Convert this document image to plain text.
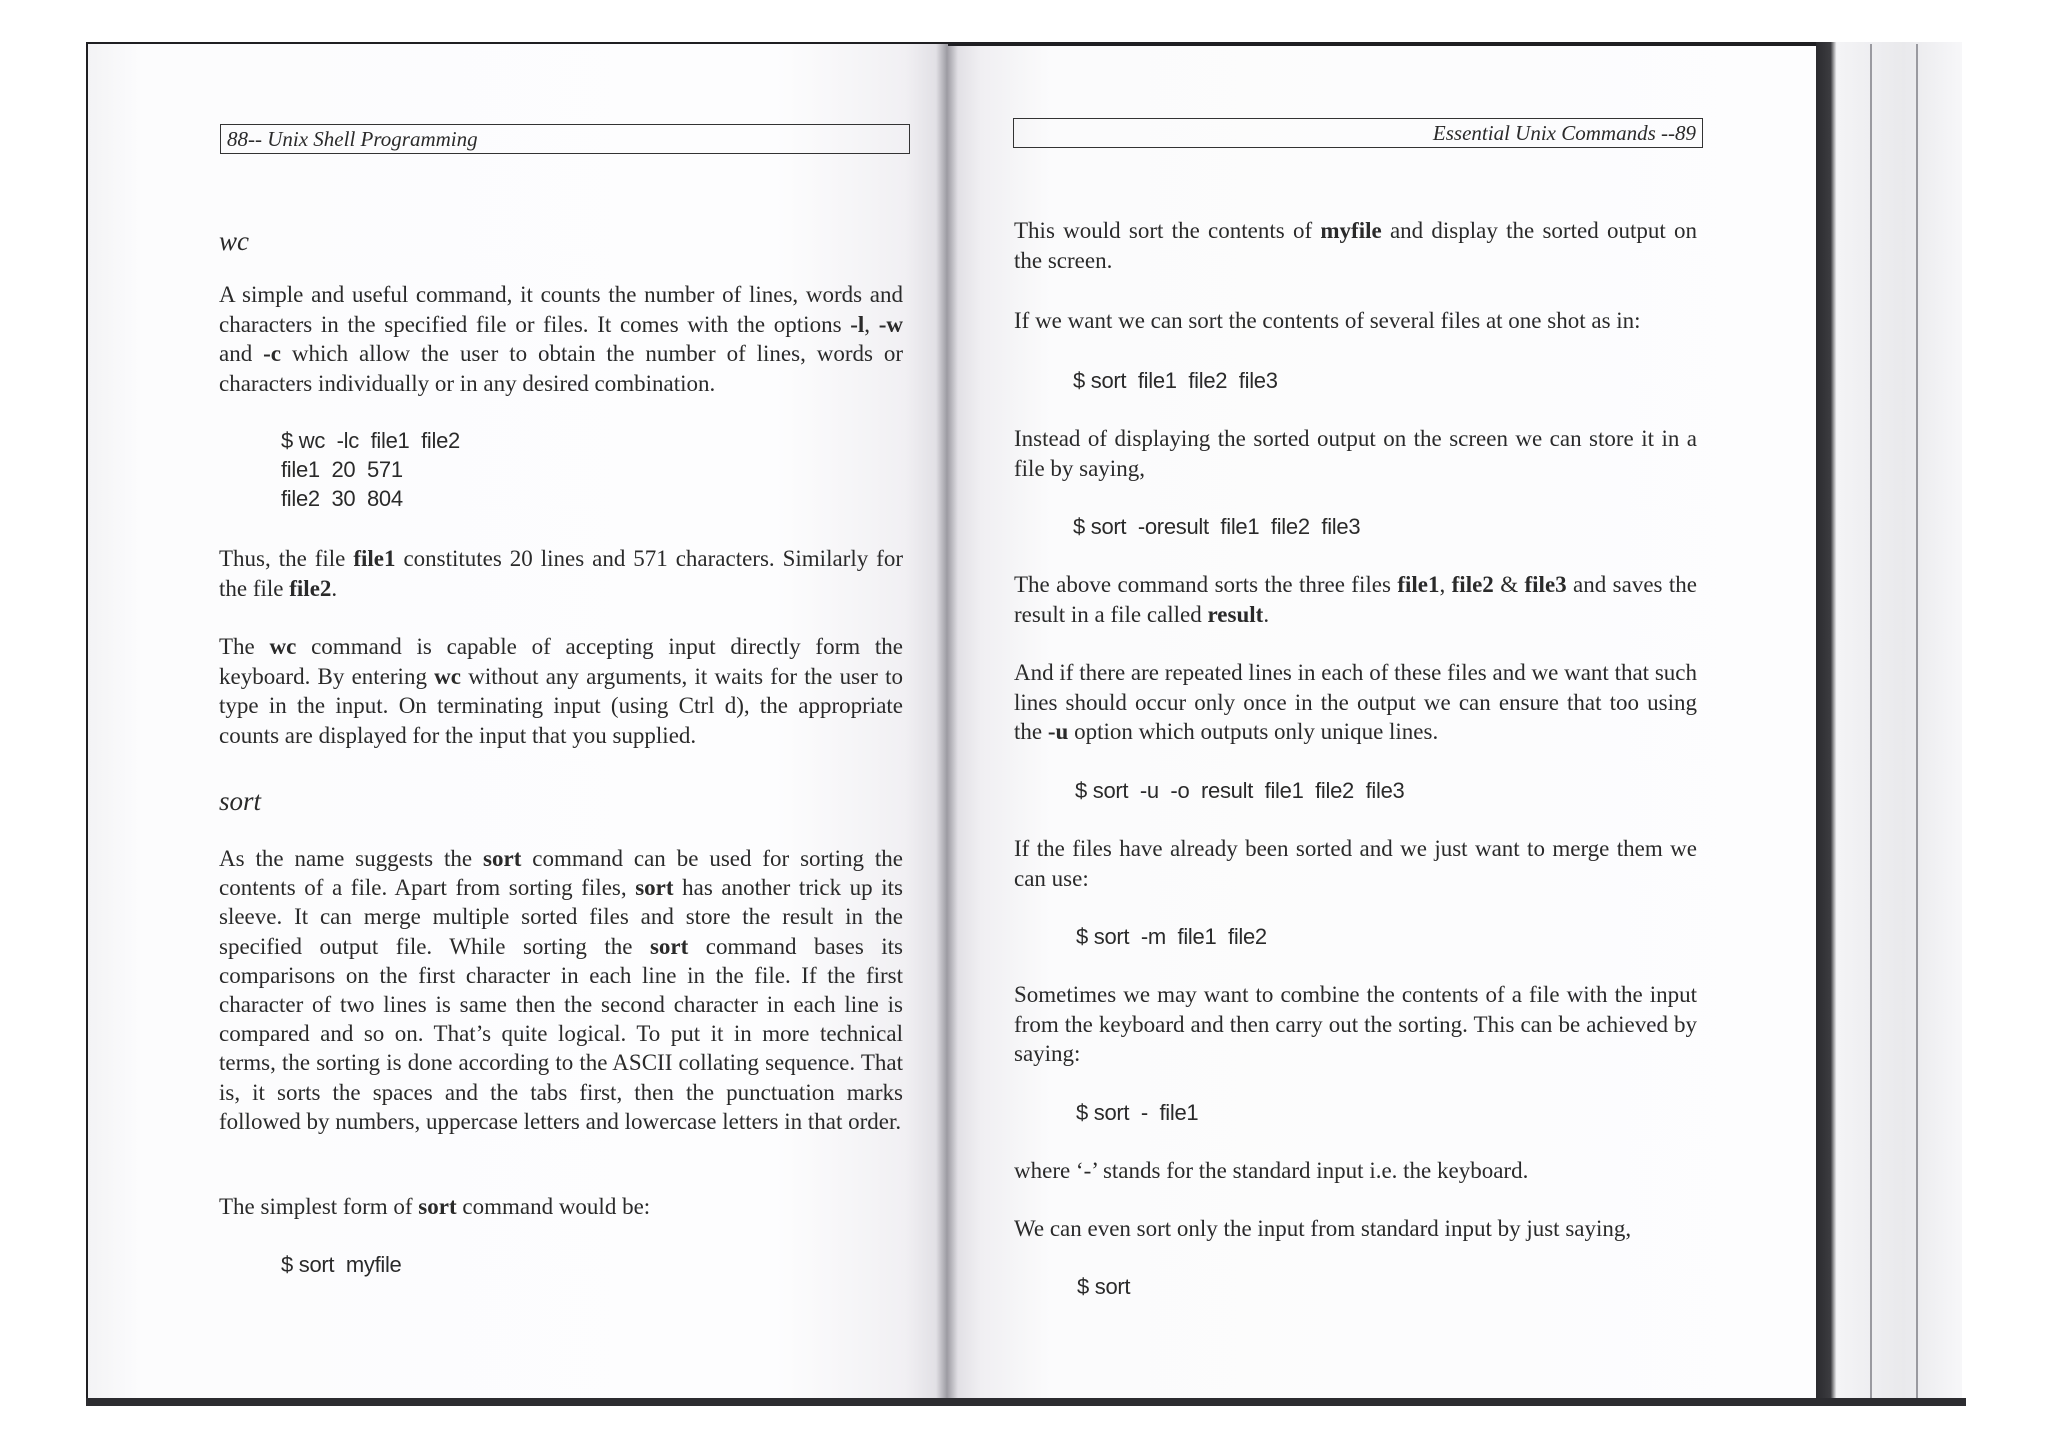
88-- Unix Shell Programming
wc
A simple and useful command, it counts the number of lines, words and characters in the specified file or files. It comes with the options -l, -w and -c which allow the user to obtain the number of lines, words or characters individually or in any desired combination.
$ wc  -lc  file1  file2
file1  20  571
file2  30  804
Thus, the file file1 constitutes 20 lines and 571 characters. Similarly for the file file2.
The wc command is capable of accepting input directly form the keyboard. By entering wc without any arguments, it waits for the user to type in the input. On terminating input (using Ctrl d), the appropriate counts are displayed for the input that you supplied.
sort
As the name suggests the sort command can be used for sorting the contents of a file. Apart from sorting files, sort has another trick up its sleeve. It can merge multiple sorted files and store the result in the specified output file. While sorting the sort command bases its comparisons on the first character in each line in the file. If the first character of two lines is same then the second character in each line is compared and so on. That’s quite logical. To put it in more technical terms, the sorting is done according to the ASCII collating sequence. That is, it sorts the spaces and the tabs first, then the punctuation marks followed by numbers, uppercase letters and lowercase letters in that order.
The simplest form of sort command would be:
$ sort  myfile
Essential Unix Commands --89
This would sort the contents of myfile and display the sorted output on the screen.
If we want we can sort the contents of several files at one shot as in:
$ sort  file1  file2  file3
Instead of displaying the sorted output on the screen we can store it in a file by saying,
$ sort  -oresult  file1  file2  file3
The above command sorts the three files file1, file2 & file3 and saves the result in a file called result.
And if there are repeated lines in each of these files and we want that such lines should occur only once in the output we can ensure that too using the -u option which outputs only unique lines.
$ sort  -u  -o  result  file1  file2  file3
If the files have already been sorted and we just want to merge them we can use:
$ sort  -m  file1  file2
Sometimes we may want to combine the contents of a file with the input from the keyboard and then carry out the sorting. This can be achieved by saying:
$ sort  -  file1
where ‘-’ stands for the standard input i.e. the keyboard.
We can even sort only the input from standard input by just saying,
$ sort
